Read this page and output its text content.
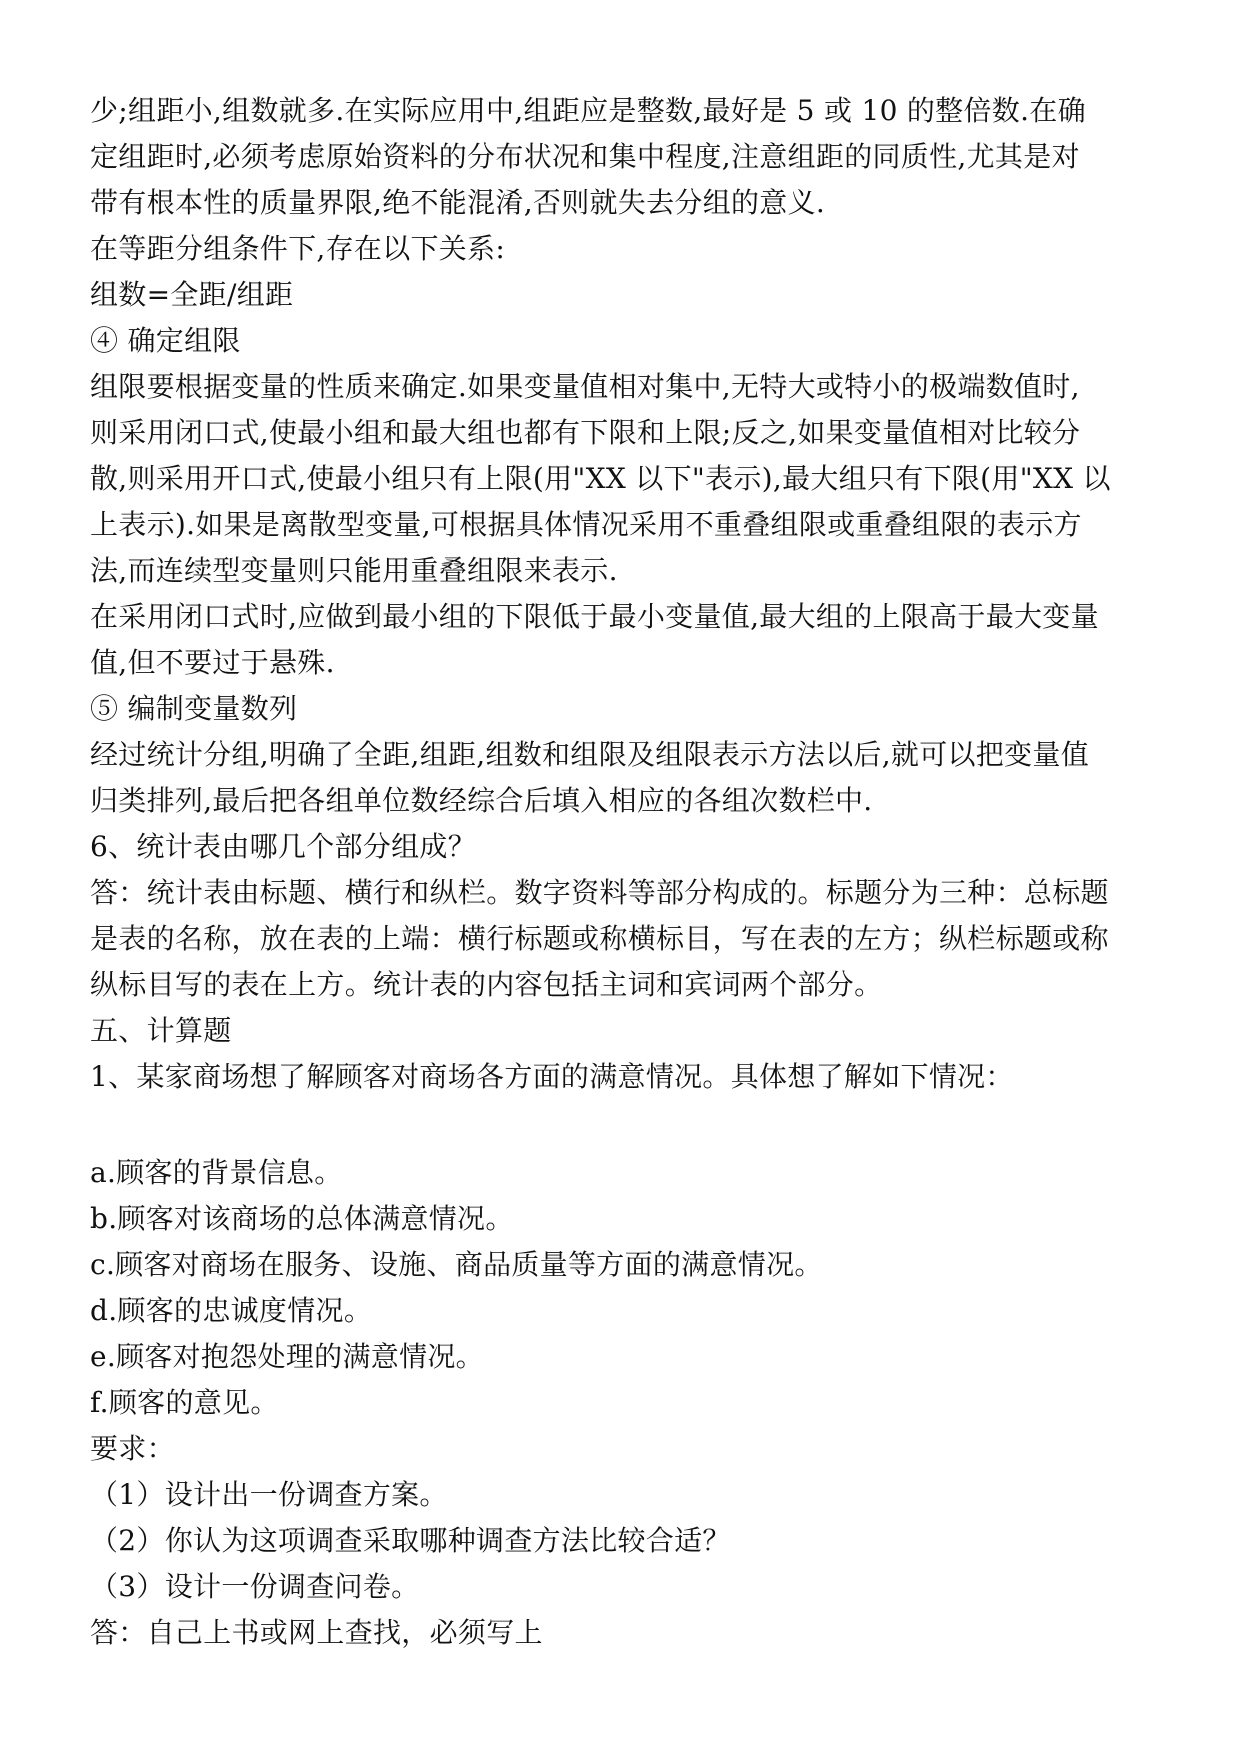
少;组距小,组数就多.在实际应用中,组距应是整数,最好是 5 或 10 的整倍数.在确
定组距时,必须考虑原始资料的分布状况和集中程度,注意组距的同质性,尤其是对
带有根本性的质量界限,绝不能混淆,否则就失去分组的意义.
在等距分组条件下,存在以下关系:
组数=全距/组距
④ 确定组限
组限要根据变量的性质来确定.如果变量值相对集中,无特大或特小的极端数值时,
则采用闭口式,使最小组和最大组也都有下限和上限;反之,如果变量值相对比较分
散,则采用开口式,使最小组只有上限(用"XX 以下"表示),最大组只有下限(用"XX 以
上表示).如果是离散型变量,可根据具体情况采用不重叠组限或重叠组限的表示方
法,而连续型变量则只能用重叠组限来表示.
在采用闭口式时,应做到最小组的下限低于最小变量值,最大组的上限高于最大变量
值,但不要过于悬殊.
⑤ 编制变量数列
经过统计分组,明确了全距,组距,组数和组限及组限表示方法以后,就可以把变量值
归类排列,最后把各组单位数经综合后填入相应的各组次数栏中.
6、统计表由哪几个部分组成？
答：统计表由标题、横行和纵栏。数字资料等部分构成的。标题分为三种：总标题
是表的名称，放在表的上端：横行标题或称横标目，写在表的左方；纵栏标题或称
纵标目写的表在上方。统计表的内容包括主词和宾词两个部分。
五、计算题
1、某家商场想了解顾客对商场各方面的满意情况。具体想了解如下情况：
a.顾客的背景信息。
b.顾客对该商场的总体满意情况。
c.顾客对商场在服务、设施、商品质量等方面的满意情况。
d.顾客的忠诚度情况。
e.顾客对抱怨处理的满意情况。
f.顾客的意见。
要求：
（1）设计出一份调查方案。
（2）你认为这项调查采取哪种调查方法比较合适？
（3）设计一份调查问卷。
答：自己上书或网上查找，必须写上
